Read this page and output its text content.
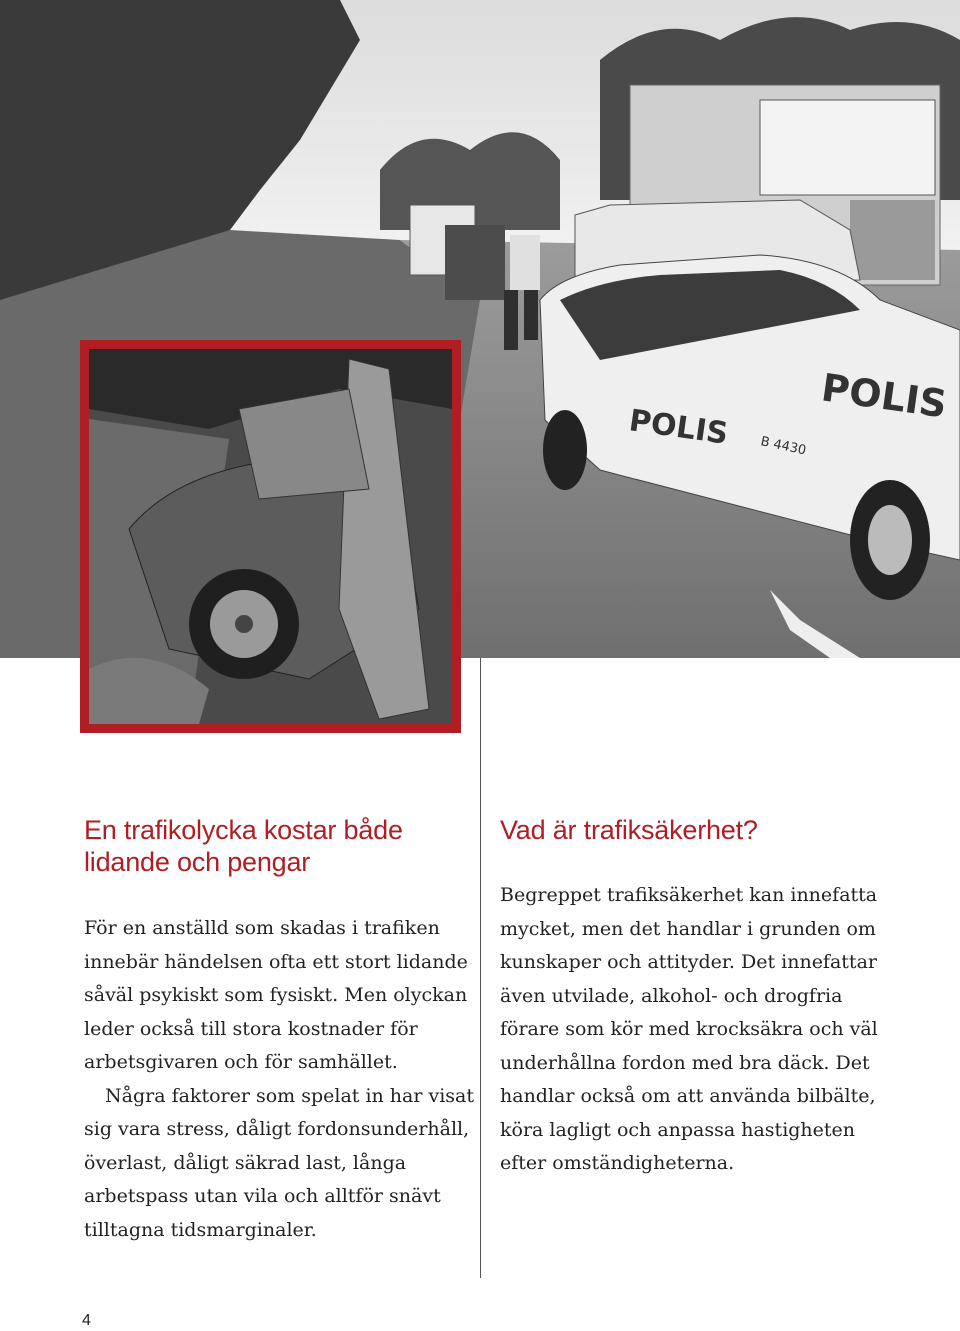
POLIS
POLIS
B 4430
En trafikolycka kostar både lidande och pengar

För en anställd som skadas i trafiken innebär händelsen ofta ett stort lidande såväl psykiskt som fysiskt. Men olyckan leder också till stora kostnader för arbetsgivaren och för samhället.

Några faktorer som spelat in har visat sig vara stress, dåligt fordonsunderhåll, överlast, dåligt säkrad last, långa arbetspass utan vila och alltför snävt tilltagna tidsmarginaler.

Vad är trafiksäkerhet?

Begreppet trafiksäkerhet kan innefatta mycket, men det handlar i grunden om kunskaper och attityder. Det innefattar även utvilade, alkohol- och drogfria förare som kör med krocksäkra och väl underhållna fordon med bra däck. Det handlar också om att använda bilbälte, köra lagligt och anpassa hastigheten efter omständigheterna.

4
